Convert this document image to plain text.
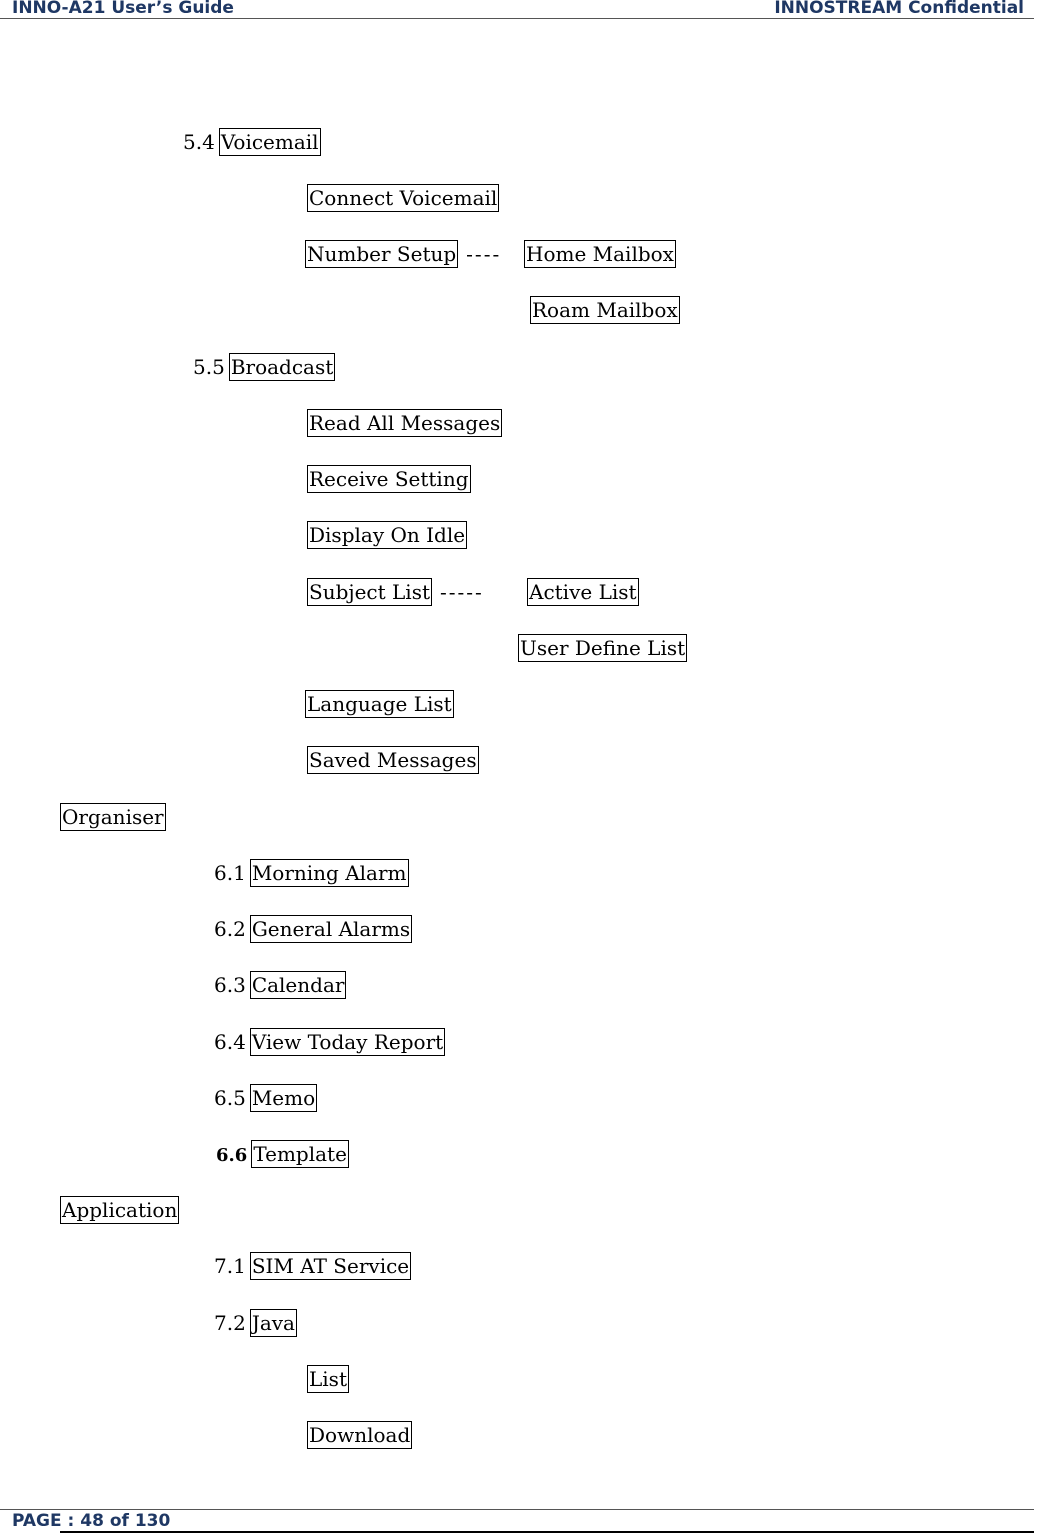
INNO-A21 User’s Guide	INNOSTREAM Confidential
5.4 Voicemail
Connect Voicemail
Number Setup ----	Home Mailbox
Roam Mailbox
5.5 Broadcast
Read All Messages
Receive Setting
Display On Idle
Subject List -----	Active List
User Define List
Language List
Saved Messages
Organiser
6.1 Morning Alarm
6.2 General Alarms
6.3 Calendar
6.4 View Today Report
6.5 Memo
6.6 Template
Application
7.1 SIM AT Service
7.2 Java
List
Download
PAGE : 48 of 130
